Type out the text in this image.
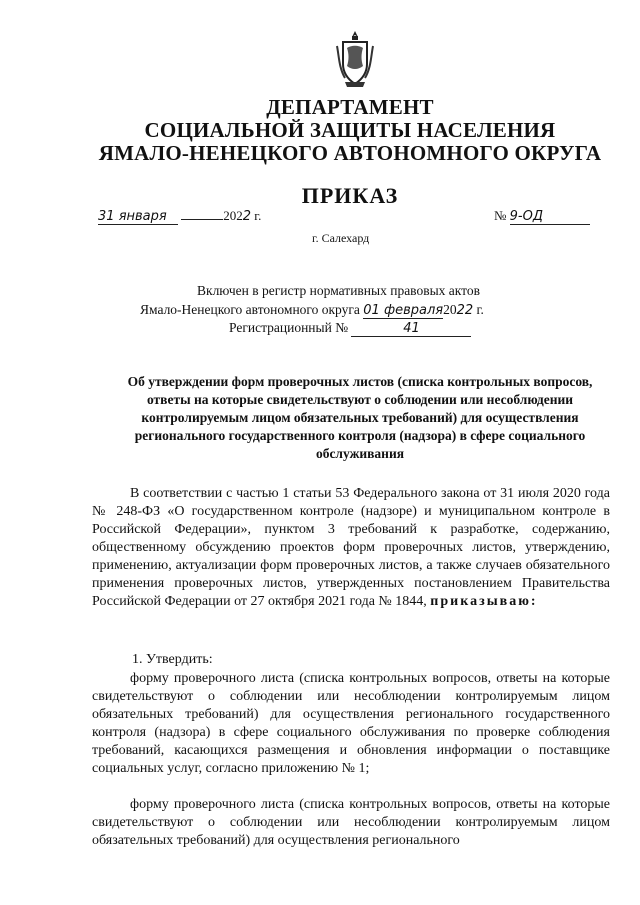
ДЕПАРТАМЕНТ
СОЦИАЛЬНОЙ ЗАЩИТЫ НАСЕЛЕНИЯ
ЯМАЛО-НЕНЕЦКОГО АВТОНОМНОГО ОКРУГА
ПРИКАЗ
31 января	2022 г.	№ 9-ОД
г. Салехард
Включен в регистр нормативных правовых актов
Ямало-Ненецкого автономного округа 01 февраля2022 г.
Регистрационный №	41
Об утверждении форм проверочных листов (списка контрольных вопросов, ответы на которые свидетельствуют о соблюдении или несоблюдении контролируемым лицом обязательных требований) для осуществления регионального государственного контроля (надзора) в сфере социального обслуживания

В соответствии с частью 1 статьи 53 Федерального закона от 31 июля 2020 года № 248-ФЗ «О государственном контроле (надзоре) и муниципальном контроле в Российской Федерации», пунктом 3 требований к разработке, содержанию, общественному обсуждению проектов форм проверочных листов, утверждению, применению, актуализации форм проверочных листов, а также случаев обязательного применения проверочных листов, утвержденных постановлением Правительства Российской Федерации от 27 октября 2021 года № 1844, приказываю:

1. Утвердить:

форму проверочного листа (списка контрольных вопросов, ответы на которые свидетельствуют о соблюдении или несоблюдении контролируемым лицом обязательных требований) для осуществления регионального государственного контроля (надзора) в сфере социального обслуживания по проверке соблюдения требований, касающихся размещения и обновления информации о поставщике социальных услуг, согласно приложению № 1;

форму проверочного листа (списка контрольных вопросов, ответы на которые свидетельствуют о соблюдении или несоблюдении контролируемым лицом обязательных требований) для осуществления регионального
